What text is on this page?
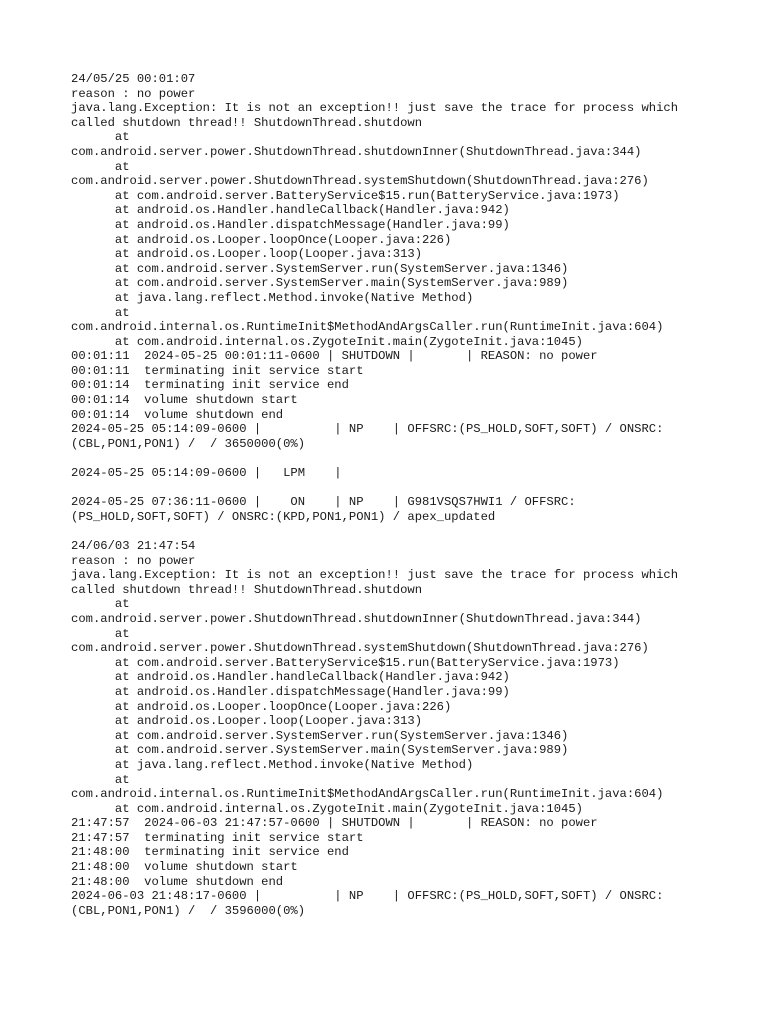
24/05/25 00:01:07
reason : no power
java.lang.Exception: It is not an exception!! just save the trace for process which
called shutdown thread!! ShutdownThread.shutdown
at
com.android.server.power.ShutdownThread.shutdownInner(ShutdownThread.java:344)
at
com.android.server.power.ShutdownThread.systemShutdown(ShutdownThread.java:276)
at com.android.server.BatteryService$15.run(BatteryService.java:1973)
at android.os.Handler.handleCallback(Handler.java:942)
at android.os.Handler.dispatchMessage(Handler.java:99)
at android.os.Looper.loopOnce(Looper.java:226)
at android.os.Looper.loop(Looper.java:313)
at com.android.server.SystemServer.run(SystemServer.java:1346)
at com.android.server.SystemServer.main(SystemServer.java:989)
at java.lang.reflect.Method.invoke(Native Method)
at
com.android.internal.os.RuntimeInit$MethodAndArgsCaller.run(RuntimeInit.java:604)
at com.android.internal.os.ZygoteInit.main(ZygoteInit.java:1045)
00:01:11  2024-05-25 00:01:11-0600 | SHUTDOWN |       | REASON: no power
00:01:11  terminating init service start
00:01:14  terminating init service end
00:01:14  volume shutdown start
00:01:14  volume shutdown end
2024-05-25 05:14:09-0600 |          | NP    | OFFSRC:(PS_HOLD,SOFT,SOFT) / ONSRC:
(CBL,PON1,PON1) /  / 3650000(0%)
2024-05-25 05:14:09-0600 |   LPM    |
2024-05-25 07:36:11-0600 |    ON    | NP    | G981VSQS7HWI1 / OFFSRC:
(PS_HOLD,SOFT,SOFT) / ONSRC:(KPD,PON1,PON1) / apex_updated
24/06/03 21:47:54
reason : no power
java.lang.Exception: It is not an exception!! just save the trace for process which
called shutdown thread!! ShutdownThread.shutdown
at
com.android.server.power.ShutdownThread.shutdownInner(ShutdownThread.java:344)
at
com.android.server.power.ShutdownThread.systemShutdown(ShutdownThread.java:276)
at com.android.server.BatteryService$15.run(BatteryService.java:1973)
at android.os.Handler.handleCallback(Handler.java:942)
at android.os.Handler.dispatchMessage(Handler.java:99)
at android.os.Looper.loopOnce(Looper.java:226)
at android.os.Looper.loop(Looper.java:313)
at com.android.server.SystemServer.run(SystemServer.java:1346)
at com.android.server.SystemServer.main(SystemServer.java:989)
at java.lang.reflect.Method.invoke(Native Method)
at
com.android.internal.os.RuntimeInit$MethodAndArgsCaller.run(RuntimeInit.java:604)
at com.android.internal.os.ZygoteInit.main(ZygoteInit.java:1045)
21:47:57  2024-06-03 21:47:57-0600 | SHUTDOWN |       | REASON: no power
21:47:57  terminating init service start
21:48:00  terminating init service end
21:48:00  volume shutdown start
21:48:00  volume shutdown end
2024-06-03 21:48:17-0600 |          | NP    | OFFSRC:(PS_HOLD,SOFT,SOFT) / ONSRC:
(CBL,PON1,PON1) /  / 3596000(0%)
